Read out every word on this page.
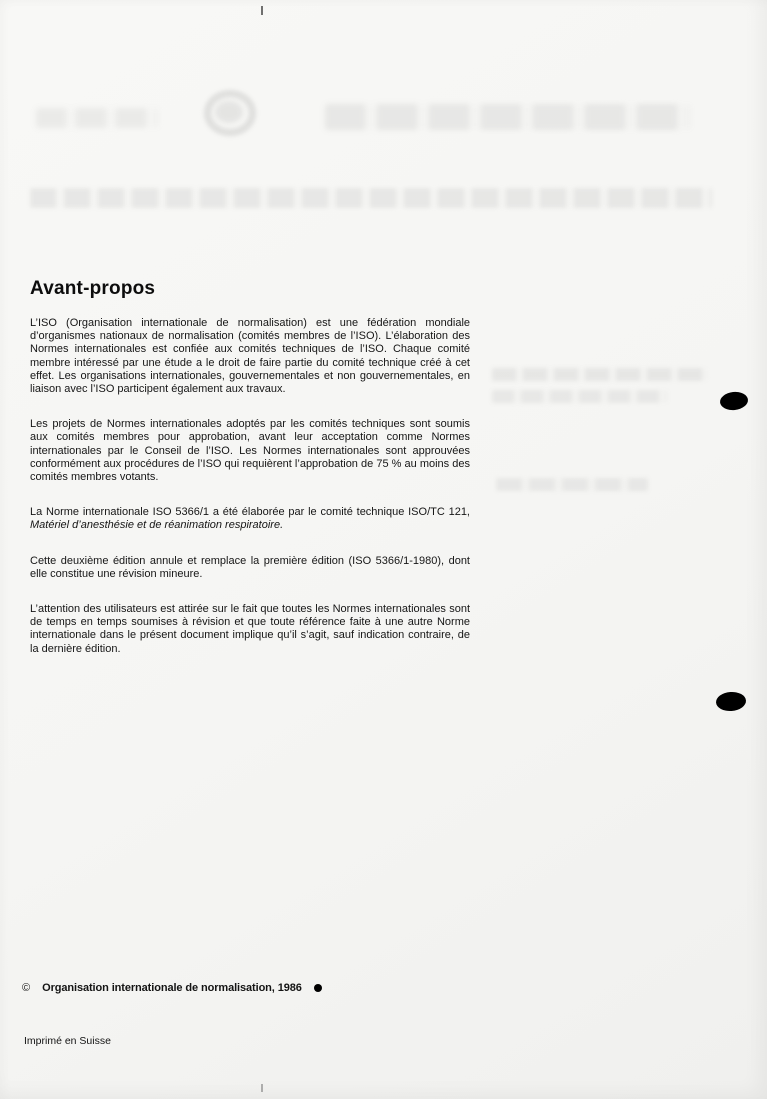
Avant-propos

L’ISO (Organisation internationale de normalisation) est une fédération mondiale d’organismes nationaux de normalisation (comités membres de l’ISO). L’élaboration des Normes internationales est confiée aux comités techniques de l’ISO. Chaque comité membre intéressé par une étude a le droit de faire partie du comité technique créé à cet effet. Les organisations internationales, gouvernementales et non gouvernementales, en liaison avec l’ISO participent également aux travaux.

Les projets de Normes internationales adoptés par les comités techniques sont soumis aux comités membres pour approbation, avant leur acceptation comme Normes internationales par le Conseil de l’ISO. Les Normes internationales sont approuvées conformément aux procédures de l’ISO qui requièrent l’approbation de 75 % au moins des comités membres votants.

La Norme internationale ISO 5366/1 a été élaborée par le comité technique ISO/TC 121, Matériel d’anesthésie et de réanimation respiratoire.

Cette deuxième édition annule et remplace la première édition (ISO 5366/1-1980), dont elle constitue une révision mineure.

L’attention des utilisateurs est attirée sur le fait que toutes les Normes internationales sont de temps en temps soumises à révision et que toute référence faite à une autre Norme internationale dans le présent document implique qu’il s’agit, sauf indication contraire, de la dernière édition.

© Organisation internationale de normalisation, 1986
Imprimé en Suisse
